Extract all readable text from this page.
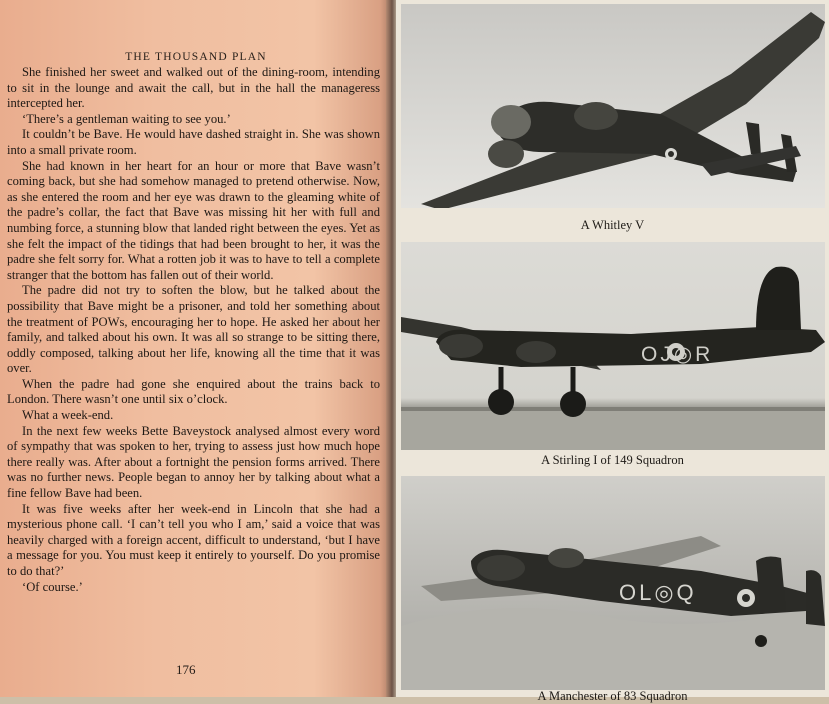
THE THOUSAND PLAN

She finished her sweet and walked out of the dining-room, intending to sit in the lounge and await the call, but in the hall the manageress intercepted her.

‘There’s a gentleman waiting to see you.’

It couldn’t be Bave. He would have dashed straight in. She was shown into a small private room.

She had known in her heart for an hour or more that Bave wasn’t coming back, but she had somehow managed to pretend otherwise. Now, as she entered the room and her eye was drawn to the gleaming white of the padre’s collar, the fact that Bave was missing hit her with full and numbing force, a stunning blow that landed right between the eyes. Yet as she felt the impact of the tidings that had been brought to her, it was the padre she felt sorry for. What a rotten job it was to have to tell a complete stranger that the bottom has fallen out of their world.

The padre did not try to soften the blow, but he talked about the possibility that Bave might be a prisoner, and told her something about the treatment of POWs, encouraging her to hope. He asked her about her family, and talked about his own. It was all so strange to be sitting there, oddly composed, talking about her life, knowing all the time that it was over.

When the padre had gone she enquired about the trains back to London. There wasn’t one until six o’clock.

What a week-end.

In the next few weeks Bette Baveystock analysed almost every word of sympathy that was spoken to her, trying to assess just how much hope there really was. After about a fortnight the pension forms arrived. There was no further news. People began to annoy her by talking about what a fine fellow Bave had been.

It was five weeks after her week-end in Lincoln that she had a mysterious phone call. ‘I can’t tell you who I am,’ said a voice that was heavily charged with a foreign accent, difficult to understand, ‘but I have a message for you. You must keep it entirely to yourself. Do you promise to do that?’

‘Of course.’

176
A Whitley V
OJ◎R
A Stirling I of 149 Squadron
OL◎Q
A Manchester of 83 Squadron
